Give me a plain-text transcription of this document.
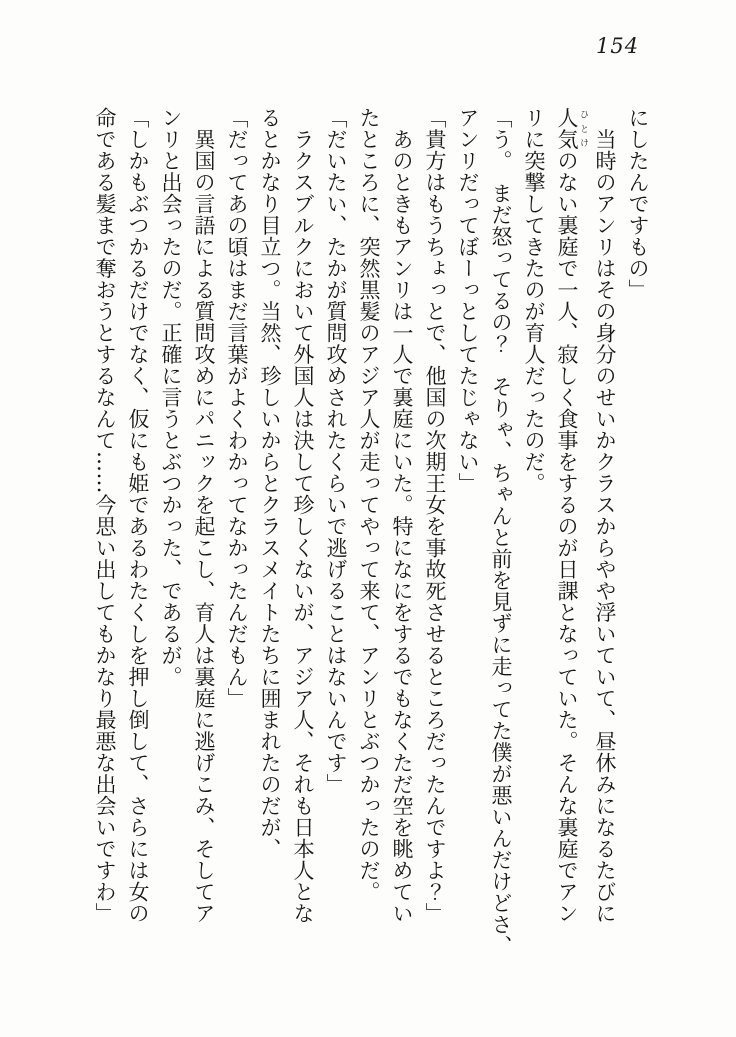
154
にしたんですもの」
　当時のアンリはその身分のせいかクラスからやや浮いていて、昼休みになるたびに
人気 ひとけのない裏庭で一人、寂しく食事をするのが日課となっていた。そんな裏庭でアン
リに突撃してきたのが育人だったのだ。
「う。　まだ怒ってるの？　そりゃ、ちゃんと前を見ずに走ってた僕が悪いんだけどさ、
アンリだってぼーっとしてたじゃない」
「貴方はもうちょっとで、他国の次期王女を事故死させるところだったんですよ？」
　あのときもアンリは一人で裏庭にいた。特になにをするでもなくただ空を眺めてい
たところに、突然黒髪のアジア人が走ってやって来て、アンリとぶつかったのだ。
「だいたい、たかが質問攻めされたくらいで逃げることはないんです」
　ラクスブルクにおいて外国人は決して珍しくないが、アジア人、それも日本人とな
るとかなり目立つ。当然、珍しいからとクラスメイトたちに囲まれたのだが、
「だってあの頃はまだ言葉がよくわかってなかったんだもん」
　異国の言語による質問攻めにパニックを起こし、育人は裏庭に逃げこみ、そしてア
ンリと出会ったのだ。正確に言うとぶつかった、であるが。
「しかもぶつかるだけでなく、仮にも姫であるわたくしを押し倒して、さらには女の
命である髪まで奪おうとするなんて……今思い出してもかなり最悪な出会いですわ」
